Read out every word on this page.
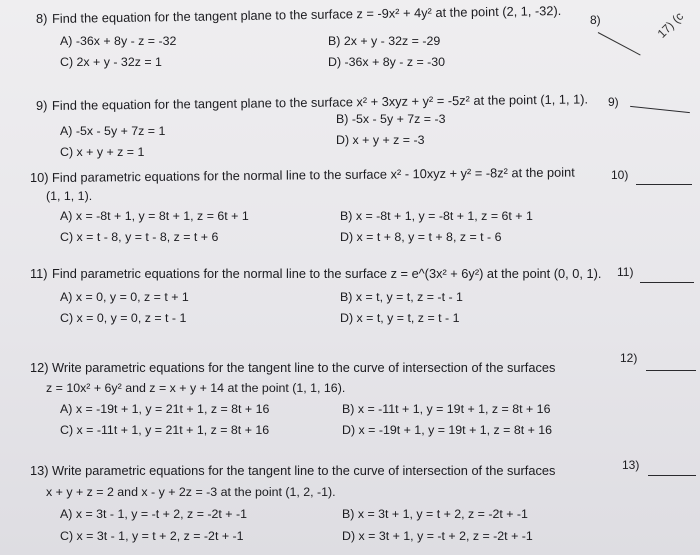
17) (c
8) Find the equation for the tangent plane to the surface z = -9x² + 4y² at the point (2, 1, -32).
A) -36x + 8y - z = -32	B) 2x + y - 32z = -29
C) 2x + y - 32z = 1	D) -36x + 8y - z = -30
8)
9) Find the equation for the tangent plane to the surface x² + 3xyz + y² = -5z² at the point (1, 1, 1).
A) -5x - 5y + 7z = 1
B) -5x - 5y + 7z = -3
C) x + y + z = 1
D) x + y + z = -3
9)
10) Find parametric equations for the normal line to the surface x² - 10xyz + y² = -8z² at the point
(1, 1, 1).
A) x = -8t + 1, y = 8t + 1, z = 6t + 1	B) x = -8t + 1, y = -8t + 1, z = 6t + 1
C) x = t - 8, y = t - 8, z = t + 6	D) x = t + 8, y = t + 8, z = t - 6
10)
11) Find parametric equations for the normal line to the surface z = e^(3x² + 6y²) at the point (0, 0, 1).
A) x = 0, y = 0, z = t + 1	B) x = t, y = t, z = -t - 1
C) x = 0, y = 0, z = t - 1	D) x = t, y = t, z = t - 1
11)
12) Write parametric equations for the tangent line to the curve of intersection of the surfaces
z = 10x² + 6y² and z = x + y + 14 at the point (1, 1, 16).
A) x = -19t + 1, y = 21t + 1, z = 8t + 16	B) x = -11t + 1, y = 19t + 1, z = 8t + 16
C) x = -11t + 1, y = 21t + 1, z = 8t + 16	D) x = -19t + 1, y = 19t + 1, z = 8t + 16
12)
13) Write parametric equations for the tangent line to the curve of intersection of the surfaces
x + y + z = 2 and x - y + 2z = -3 at the point (1, 2, -1).
A) x = 3t - 1, y = -t + 2, z = -2t + -1	B) x = 3t + 1, y = t + 2, z = -2t + -1
C) x = 3t - 1, y = t + 2, z = -2t + -1	D) x = 3t + 1, y = -t + 2, z = -2t + -1
13)
